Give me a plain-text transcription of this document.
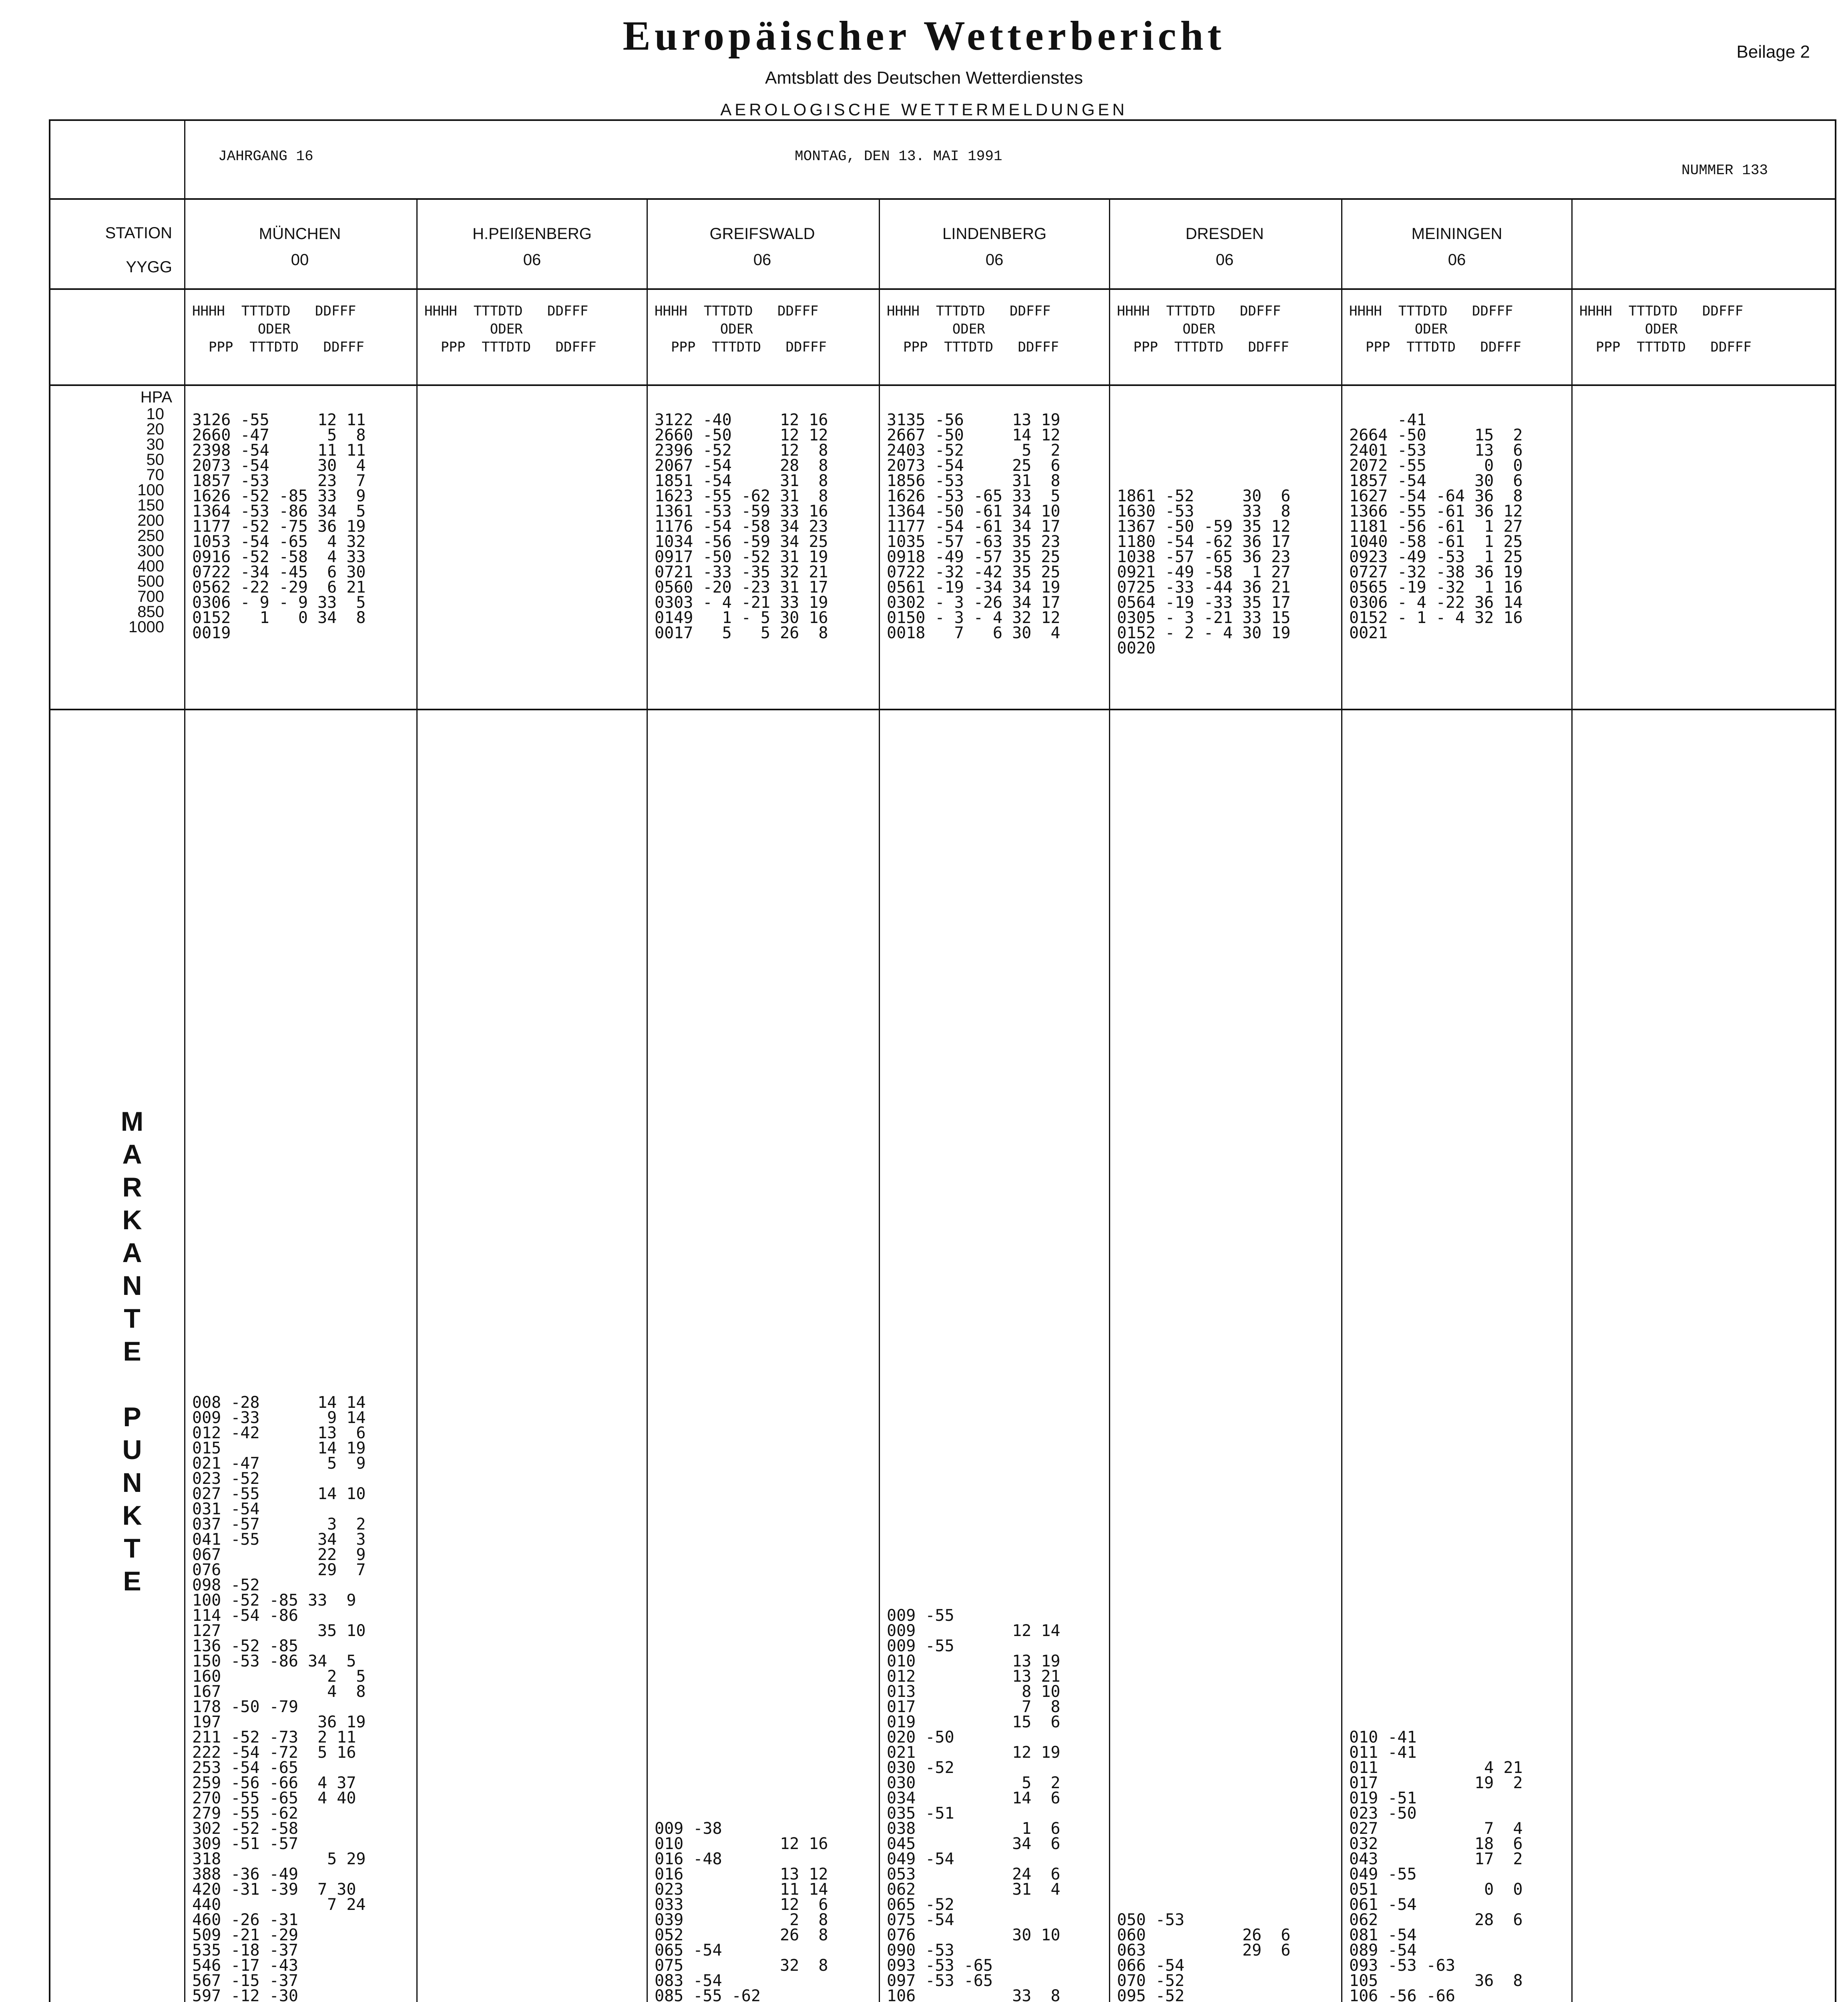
Europäischer Wetterbericht
Amtsblatt des Deutschen Wetterdienstes
AEROLOGISCHE WETTERMELDUNGEN
Beilage 2
JAHRGANG 16	MONTAG, DEN 13. MAI 1991
NUMMER 133
STATION
YYGG
HPA
10
20
30
50
70
100
150
200
250
300
400
500
700
850
1000
M
A
R
K
A
N
T
E

P
U
N
K
T
E
MÜNCHEN
00
HHHH  TTTDTD   DDFFF
ODER
PPP  TTTDTD   DDFFF
3126 -55     12 11
2660 -47      5  8
2398 -54     11 11
2073 -54     30  4
1857 -53     23  7
1626 -52 -85 33  9
1364 -53 -86 34  5
1177 -52 -75 36 19
1053 -54 -65  4 32
0916 -52 -58  4 33
0722 -34 -45  6 30
0562 -22 -29  6 21
0306 - 9 - 9 33  5
0152   1   0 34  8
0019
008 -28      14 14
009 -33       9 14
012 -42      13  6
015          14 19
021 -47       5  9
023 -52
027 -55      14 10
031 -54
037 -57       3  2
041 -55      34  3
067          22  9
076          29  7
098 -52
100 -52 -85 33  9
114 -54 -86
127          35 10
136 -52 -85
150 -53 -86 34  5
160           2  5
167           4  8
178 -50 -79
197          36 19
211 -52 -73  2 11
222 -54 -72  5 16
253 -54 -65
259 -56 -66  4 37
270 -55 -65  4 40
279 -55 -62
302 -52 -58
309 -51 -57
318           5 29
388 -36 -49
420 -31 -39  7 30
440           7 24
460 -26 -31
509 -21 -29
535 -18 -37
546 -17 -43
567 -15 -37
597 -12 -30

H.PEIßENBERG
06
HHHH  TTTDTD   DDFFF
ODER
PPP  TTTDTD   DDFFF
GREIFSWALD
06
HHHH  TTTDTD   DDFFF
ODER
PPP  TTTDTD   DDFFF
3122 -40     12 16
2660 -50     12 12
2396 -52     12  8
2067 -54     28  8
1851 -54     31  8
1623 -55 -62 31  8
1361 -53 -59 33 16
1176 -54 -58 34 23
1034 -56 -59 34 25
0917 -50 -52 31 19
0721 -33 -35 32 21
0560 -20 -23 31 17
0303 - 4 -21 33 19
0149   1 - 5 30 16
0017   5   5 26  8
009 -38
010          12 16
016 -48
016          13 12
023          11 14
033          12  6
039           2  8
052          26  8
065 -54
075          32  8
083 -54
085 -55 -62

LINDENBERG
06
HHHH  TTTDTD   DDFFF
ODER
PPP  TTTDTD   DDFFF
3135 -56     13 19
2667 -50     14 12
2403 -52      5  2
2073 -54     25  6
1856 -53     31  8
1626 -53 -65 33  5
1364 -50 -61 34 10
1177 -54 -61 34 17
1035 -57 -63 35 23
0918 -49 -57 35 25
0722 -32 -42 35 25
0561 -19 -34 34 19
0302 - 3 -26 34 17
0150 - 3 - 4 32 12
0018   7   6 30  4
009 -55
009          12 14
009 -55
010          13 19
012          13 21
013           8 10
017           7  8
019          15  6
020 -50
021          12 19
030 -52
030           5  2
034          14  6
035 -51
038           1  6
045          34  6
049 -54
053          24  6
062          31  4
065 -52
075 -54
076          30 10
090 -53
093 -53 -65
097 -53 -65
106          33  8

DRESDEN
06
HHHH  TTTDTD   DDFFF
ODER
PPP  TTTDTD   DDFFF

1861 -52     30  6
1630 -53     33  8
1367 -50 -59 35 12
1180 -54 -62 36 17
1038 -57 -65 36 23
0921 -49 -58  1 27
0725 -33 -44 36 21
0564 -19 -33 35 17
0305 - 3 -21 33 15
0152 - 2 - 4 30 19
0020
050 -53
060          26  6
063          29  6
066 -54
070 -52
095 -52

MEININGEN
06
HHHH  TTTDTD   DDFFF
ODER
PPP  TTTDTD   DDFFF
-41
2664 -50     15  2
2401 -53     13  6
2072 -55      0  0
1857 -54     30  6
1627 -54 -64 36  8
1366 -55 -61 36 12
1181 -56 -61  1 27
1040 -58 -61  1 25
0923 -49 -53  1 25
0727 -32 -38 36 19
0565 -19 -32  1 16
0306 - 4 -22 36 14
0152 - 1 - 4 32 16
0021
010 -41
011 -41
011           4 21
017          19  2
019 -51
023 -50
027           7  4
032          18  6
043          17  2
049 -55
051           0  0
061 -54
062          28  6
081 -54
089 -54
093 -53 -63
105          36  8
106 -56 -66

HHHH  TTTDTD   DDFFF
ODER
PPP  TTTDTD   DDFFF
